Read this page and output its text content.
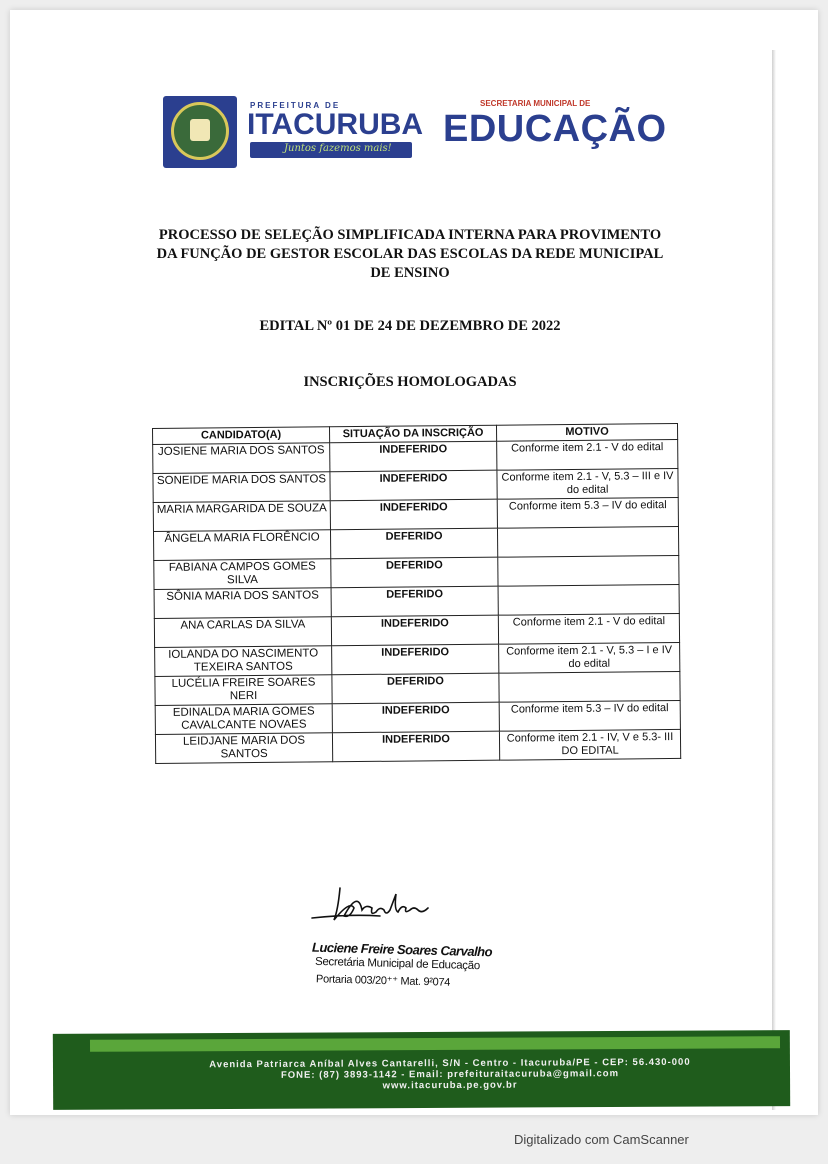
PREFEITURA DE
ITACURUBA
Juntos fazemos mais!
SECRETARIA MUNICIPAL DE
EDUCAÇÃO
PROCESSO DE SELEÇÃO SIMPLIFICADA INTERNA PARA PROVIMENTO
DA FUNÇÃO DE GESTOR ESCOLAR DAS ESCOLAS DA REDE MUNICIPAL
DE ENSINO
EDITAL Nº 01 DE 24 DE DEZEMBRO DE 2022
INSCRIÇÕES HOMOLOGADAS
CANDIDATO(A)	SITUAÇÃO DA INSCRIÇÃO	MOTIVO
JOSIENE MARIA DOS SANTOS	INDEFERIDO	Conforme item 2.1 - V do edital
SONEIDE MARIA DOS SANTOS	INDEFERIDO	Conforme item 2.1 - V, 5.3 – III e IV do edital
MARIA MARGARIDA DE SOUZA	INDEFERIDO	Conforme item 5.3 – IV do edital
ÂNGELA MARIA FLORÊNCIO	DEFERIDO	
FABIANA CAMPOS GOMES SILVA	DEFERIDO	
SÔNIA MARIA DOS SANTOS	DEFERIDO	
ANA CARLAS DA SILVA	INDEFERIDO	Conforme item 2.1 - V do edital
IOLANDA DO NASCIMENTO TEXEIRA SANTOS	INDEFERIDO	Conforme item 2.1 - V, 5.3 – I e IV do edital
LUCÉLIA FREIRE SOARES NERI	DEFERIDO	
EDINALDA MARIA GOMES CAVALCANTE NOVAES	INDEFERIDO	Conforme item 5.3 – IV do edital
LEIDJANE MARIA DOS SANTOS	INDEFERIDO	Conforme item 2.1 - IV, V e 5.3- III DO EDITAL
Luciene Freire Soares Carvalho
Secretária Municipal de Educação
Portaria 003/20⁺⁺ Mat. 9²074
Avenida Patriarca Aníbal Alves Cantarelli, S/N - Centro - Itacuruba/PE - CEP: 56.430-000
FONE: (87) 3893-1142 - Email: prefeituraitacuruba@gmail.com
www.itacuruba.pe.gov.br
Digitalizado com CamScanner
